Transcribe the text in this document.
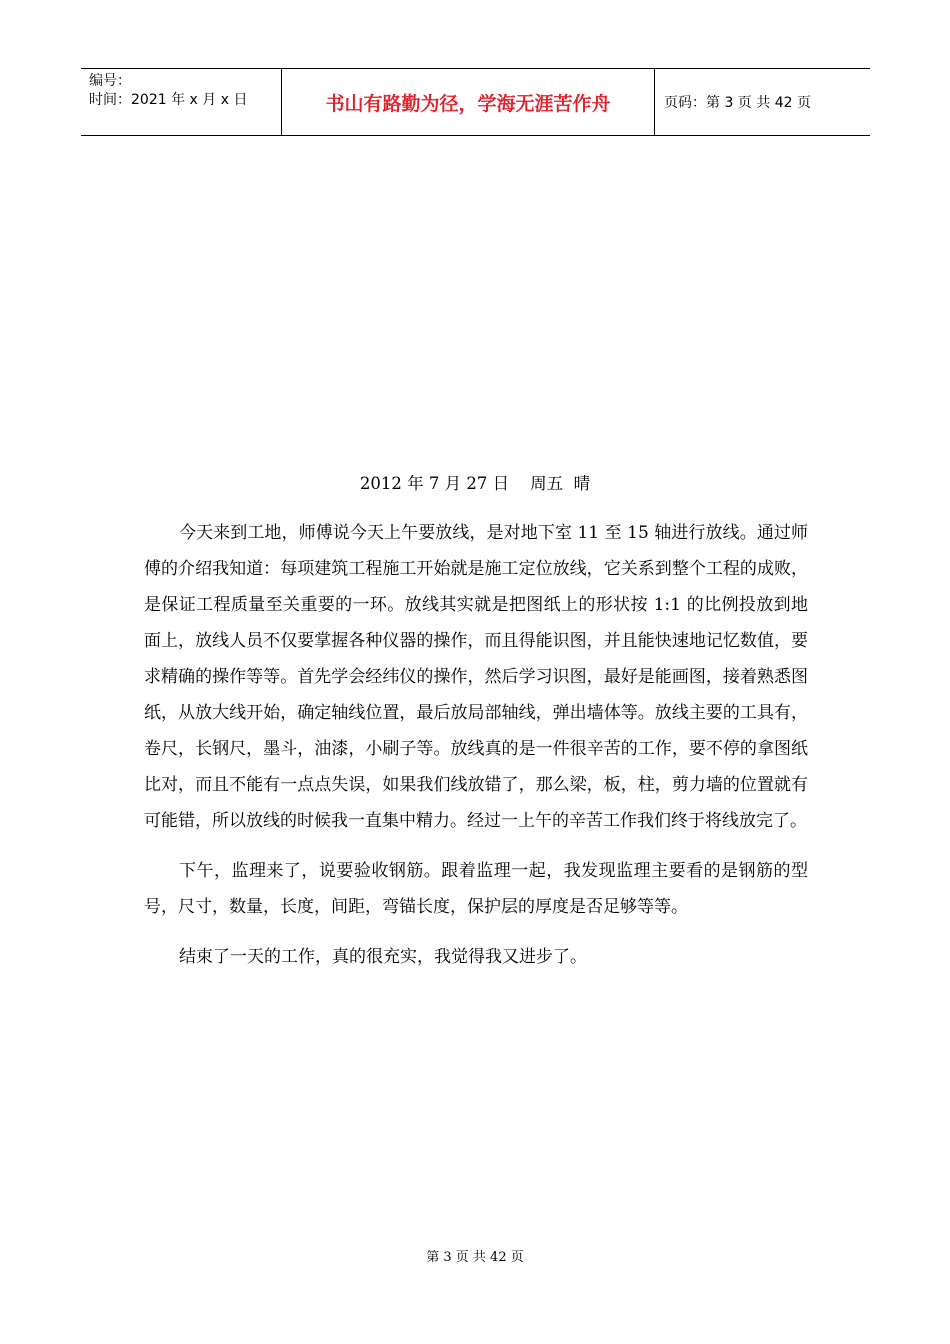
编号：
时间：2021 年 x 月 x 日	书山有路勤为径，学海无涯苦作舟	页码：第 3 页 共 42 页
2012 年 7 月 27 日    周五  晴

今天来到工地，师傅说今天上午要放线，是对地下室 11 至 15 轴进行放线。通过师傅的介绍我知道：每项建筑工程施工开始就是施工定位放线，它关系到整个工程的成败，是保证工程质量至关重要的一环。放线其实就是把图纸上的形状按 1:1 的比例投放到地面上，放线人员不仅要掌握各种仪器的操作，而且得能识图，并且能快速地记忆数值，要求精确的操作等等。首先学会经纬仪的操作，然后学习识图，最好是能画图，接着熟悉图纸，从放大线开始，确定轴线位置，最后放局部轴线，弹出墙体等。放线主要的工具有，卷尺，长钢尺，墨斗，油漆，小刷子等。放线真的是一件很辛苦的工作，要不停的拿图纸比对，而且不能有一点点失误，如果我们线放错了，那么梁，板，柱，剪力墙的位置就有可能错，所以放线的时候我一直集中精力。经过一上午的辛苦工作我们终于将线放完了。

下午，监理来了，说要验收钢筋。跟着监理一起，我发现监理主要看的是钢筋的型号，尺寸，数量，长度，间距，弯锚长度，保护层的厚度是否足够等等。

结束了一天的工作，真的很充实，我觉得我又进步了。

第 3 页 共 42 页
